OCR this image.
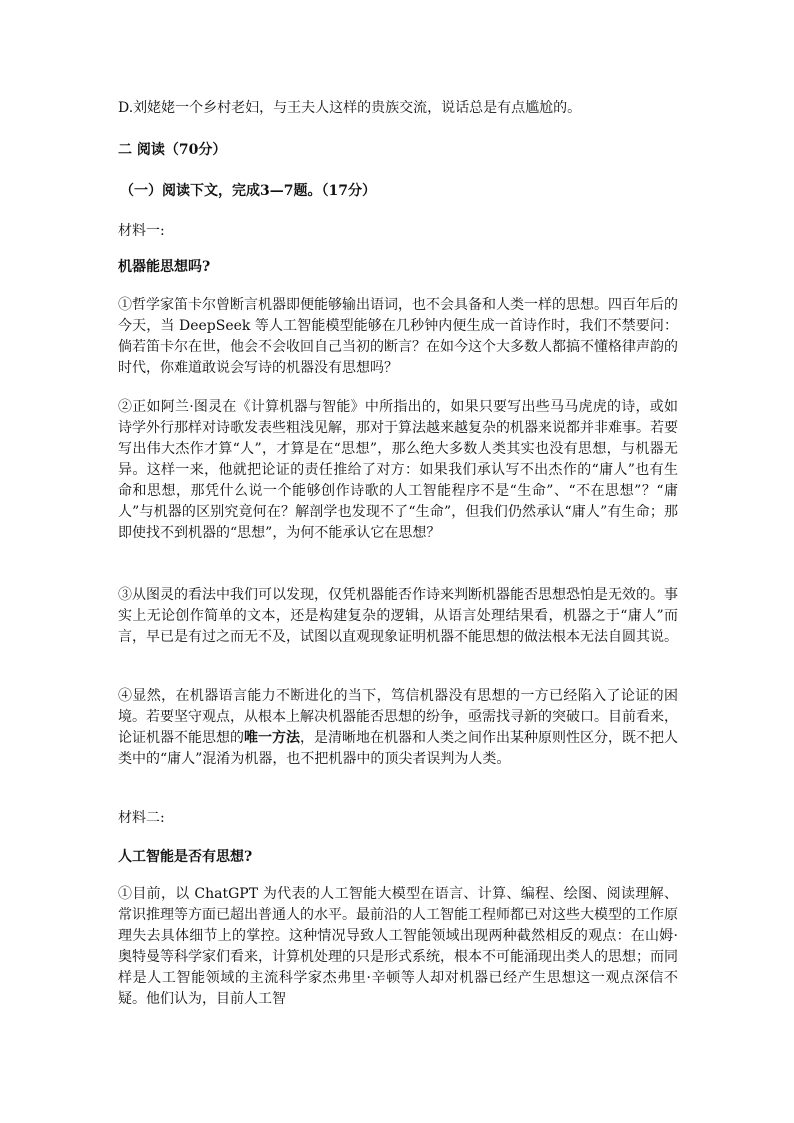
D.刘姥姥一个乡村老妇，与王夫人这样的贵族交流，说话总是有点尴尬的。
二 阅读（70分）
（一）阅读下文，完成3—7题。（17分）
材料一:
机器能思想吗?
①哲学家笛卡尔曾断言机器即便能够输出语词，也不会具备和人类一样的思想。四百年后的今天，当 DeepSeek 等人工智能模型能够在几秒钟内便生成一首诗作时，我们不禁要问：倘若笛卡尔在世，他会不会收回自己当初的断言？在如今这个大多数人都搞不懂格律声韵的时代，你难道敢说会写诗的机器没有思想吗？
②正如阿兰·图灵在《计算机器与智能》中所指出的，如果只要写出些马马虎虎的诗，或如诗学外行那样对诗歌发表些粗浅见解，那对于算法越来越复杂的机器来说都并非难事。若要写出伟大杰作才算“人”，才算是在“思想”，那么绝大多数人类其实也没有思想，与机器无异。这样一来，他就把论证的责任推给了对方：如果我们承认写不出杰作的“庸人”也有生命和思想，那凭什么说一个能够创作诗歌的人工智能程序不是“生命”、“不在思想”？“庸人”与机器的区别究竟何在？解剖学也发现不了“生命”，但我们仍然承认“庸人”有生命；那即使找不到机器的“思想”，为何不能承认它在思想？
③从图灵的看法中我们可以发现，仅凭机器能否作诗来判断机器能否思想恐怕是无效的。事实上无论创作简单的文本，还是构建复杂的逻辑，从语言处理结果看，机器之于“庸人”而言，早已是有过之而无不及，试图以直观现象证明机器不能思想的做法根本无法自圆其说。
④显然，在机器语言能力不断进化的当下，笃信机器没有思想的一方已经陷入了论证的困境。若要坚守观点，从根本上解决机器能否思想的纷争，亟需找寻新的突破口。目前看来，论证机器不能思想的唯一方法，是清晰地在机器和人类之间作出某种原则性区分，既不把人类中的“庸人”混淆为机器，也不把机器中的顶尖者误判为人类。
材料二:
人工智能是否有思想?
①目前，以 ChatGPT 为代表的人工智能大模型在语言、计算、编程、绘图、阅读理解、常识推理等方面已超出普通人的水平。最前沿的人工智能工程师都已对这些大模型的工作原理失去具体细节上的掌控。这种情况导致人工智能领域出现两种截然相反的观点：在山姆·奥特曼等科学家们看来，计算机处理的只是形式系统，根本不可能涌现出类人的思想；而同样是人工智能领域的主流科学家杰弗里·辛顿等人却对机器已经产生思想这一观点深信不疑。他们认为，目前人工智
